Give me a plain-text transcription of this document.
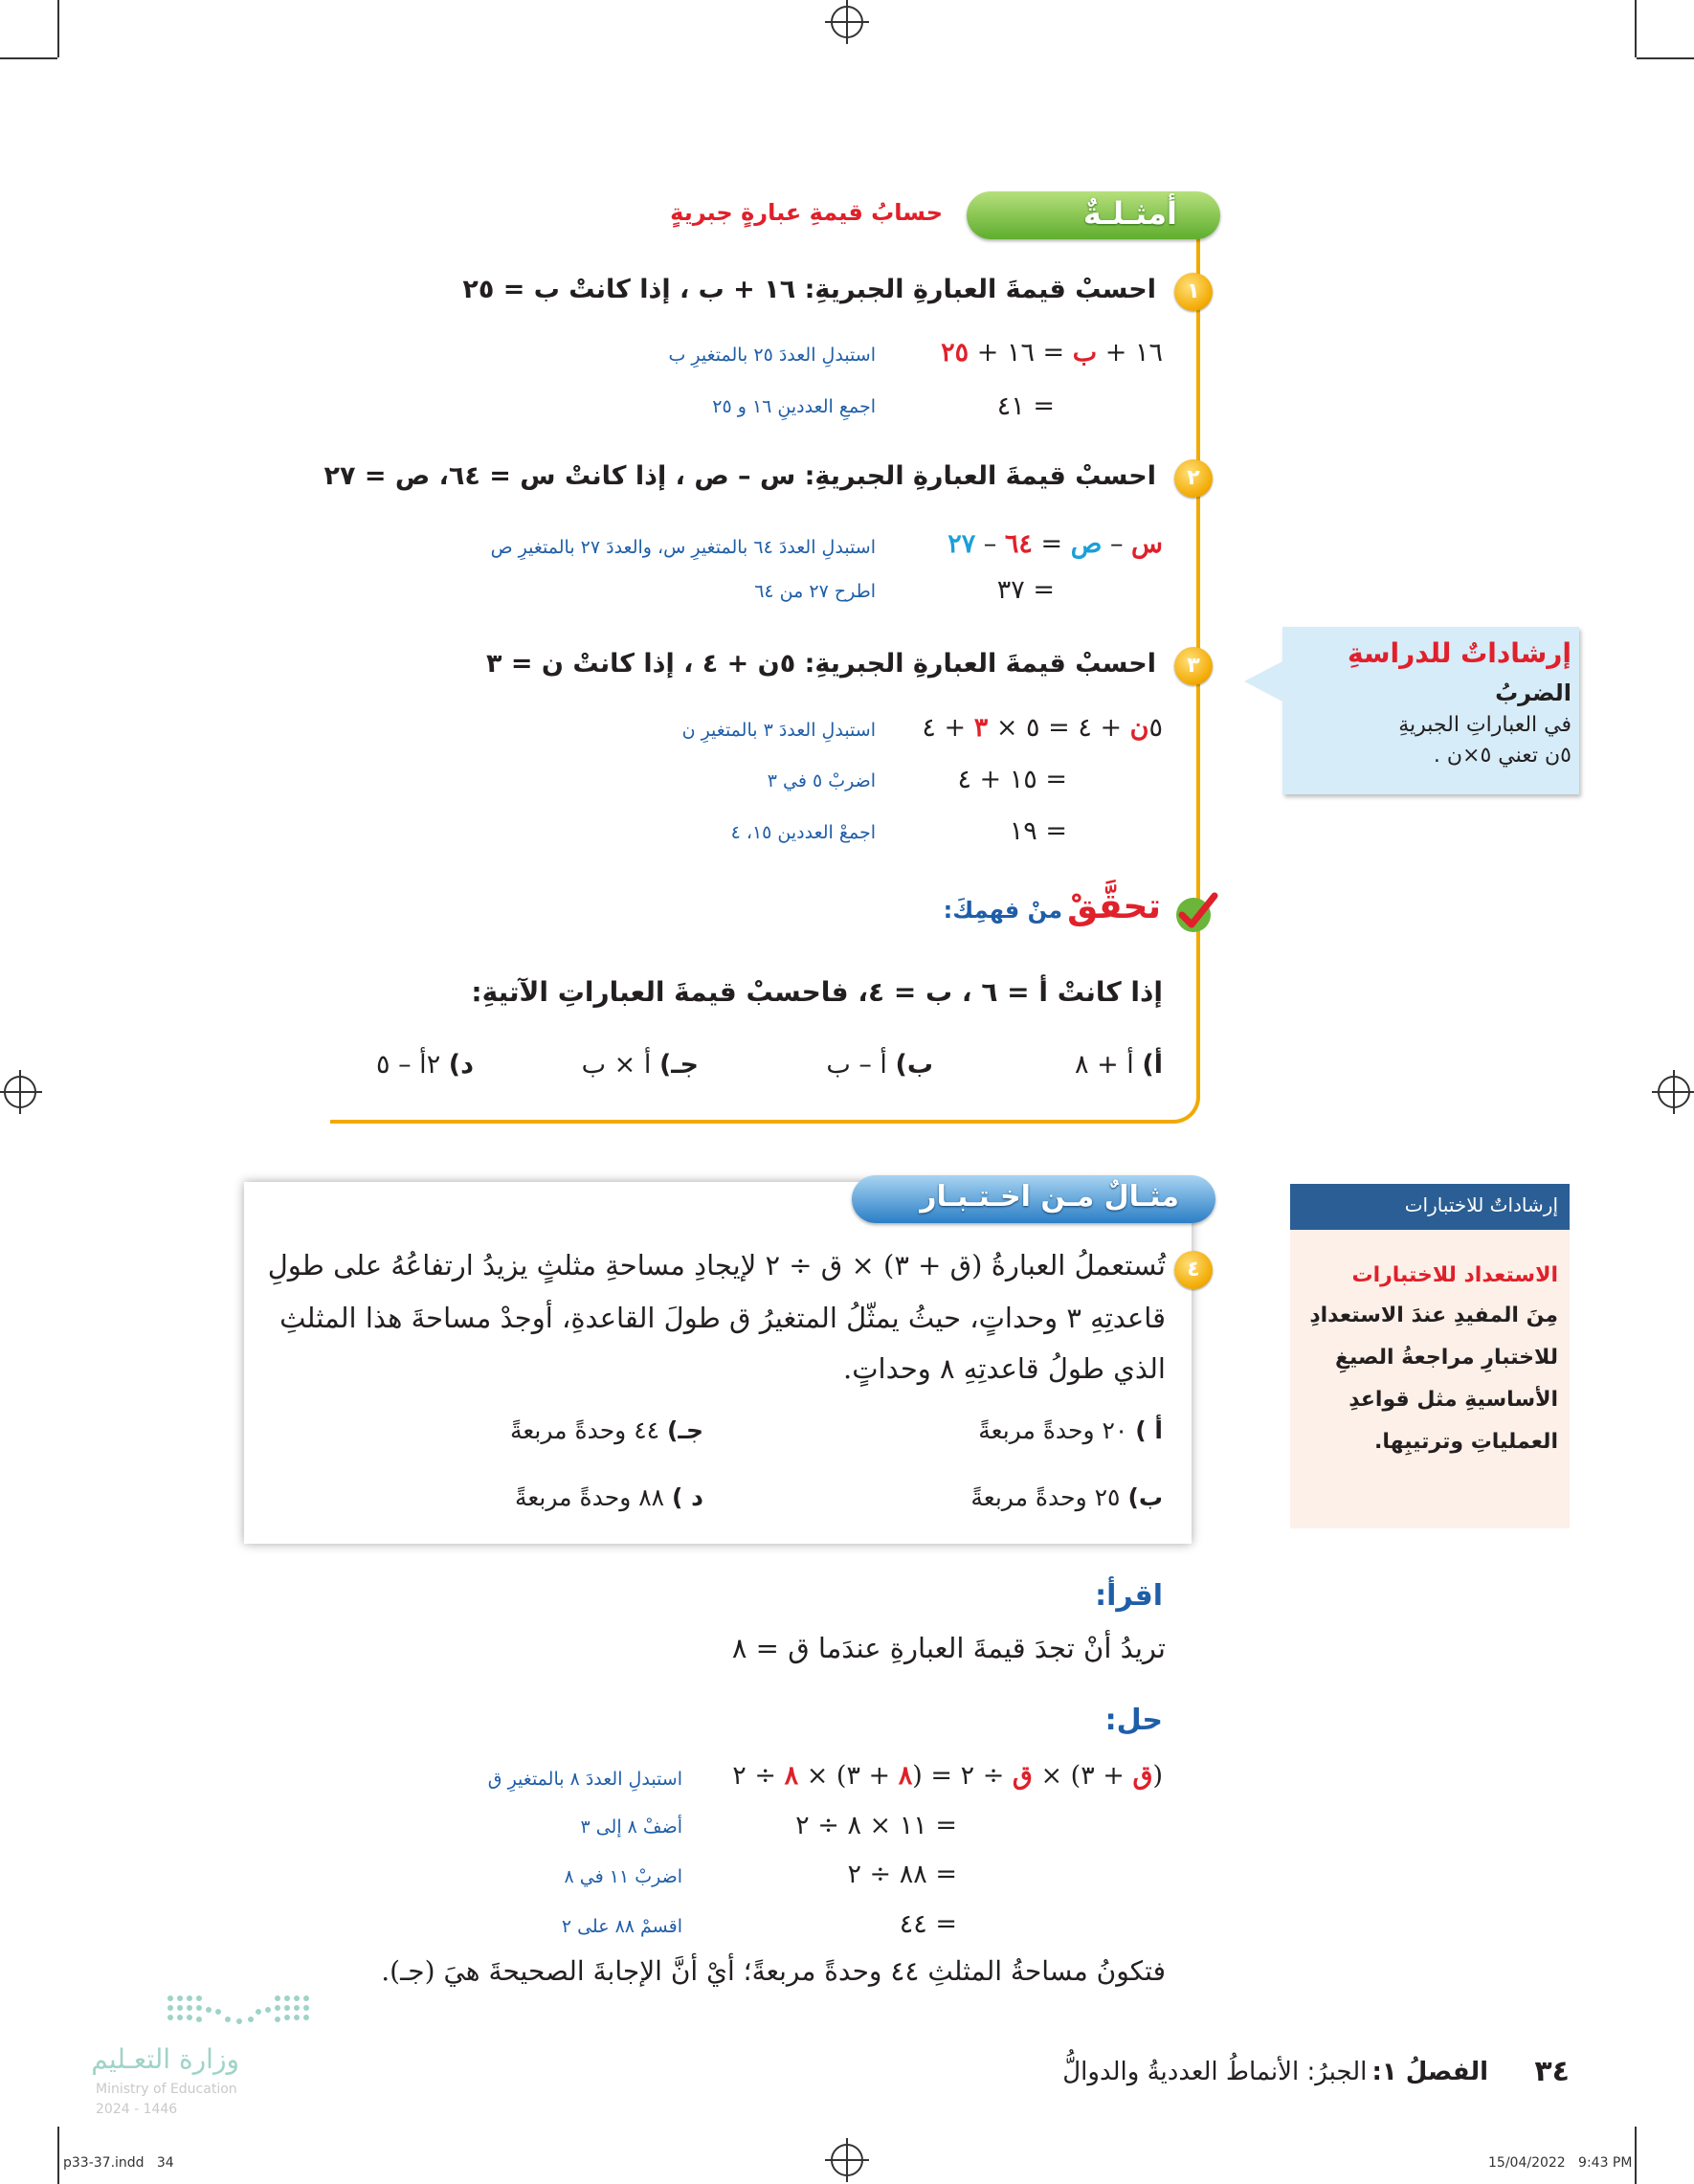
أمثـلـةٌ
حسابُ قيمةِ عبارةٍ جبريةٍ
١
احسبْ قيمةَ العبارةِ الجبريةِ: ١٦ + ب ، إذا كانتْ ب = ٢٥
١٦ + ب = ١٦ + ٢٥
استبدلِ العددَ ٢٥ بالمتغيرِ ب
= ٤١
اجمعِ العددينِ ١٦ و ٢٥
٢
احسبْ قيمةَ العبارةِ الجبريةِ: س – ص ، إذا كانتْ س = ٦٤، ص = ٢٧
س – ص = ٦٤ – ٢٧
استبدلِ العددَ ٦٤ بالمتغيرِ س، والعددَ ٢٧ بالمتغيرِ ص
= ٣٧
اطرح ٢٧ من ٦٤
٣
احسبْ قيمةَ العبارةِ الجبريةِ: ٥ن + ٤ ، إذا كانتْ ن = ٣
٥ن + ٤ = ٥ × ٣ + ٤
استبدلِ العددَ ٣ بالمتغيرِ ن
= ١٥ + ٤
اضربْ ٥ في ٣
= ١٩
اجمعْ العددين ١٥، ٤
تحقَّقْ منْ فهمِكَ:
إذا كانتْ أ = ٦ ، ب = ٤، فاحسبْ قيمةَ العباراتِ الآتيةِ:
أ) أ + ٨
ب) أ – ب
جـ) أ × ب
د) ٢أ – ٥
إرشاداتٌ للدراسةِ
الضربُ
في العباراتِ الجبريةِ
٥ن تعني ٥×ن .
مثـالٌ مـن اخـتـبـار
٤
تُستعملُ العبارةُ (ق + ٣) × ق ÷ ٢ لإيجادِ مساحةِ مثلثٍ يزيدُ ارتفاعُهُ على طولِ
قاعدتِهِ ٣ وحداتٍ، حيثُ يمثّلُ المتغيرُ ق طولَ القاعدةِ، أوجدْ مساحةَ هذا المثلثِ
الذي طولُ قاعدتِهِ ٨ وحداتٍ.
أ ) ٢٠ وحدةً مربعةً
جـ) ٤٤ وحدةً مربعةً
ب) ٢٥ وحدةً مربعةً
د ) ٨٨ وحدةً مربعةً
إرشاداتٌ للاختبارات
الاستعداد للاختبارات
مِنَ المفيدِ عندَ الاستعدادِ
للاختبارِ مراجعةُ الصيغِ
الأساسيةِ مثل قواعدِ
العملياتِ وترتيبِها.
اقرأ:
تريدُ أنْ تجدَ قيمةَ العبارةِ عندَما ق = ٨
حل:
(ق + ٣) × ق ÷ ٢ = (٨ + ٣) × ٨ ÷ ٢
استبدلِ العددَ ٨ بالمتغيرِ ق
= ١١ × ٨ ÷ ٢
أضفْ ٨ إلى ٣
= ٨٨ ÷ ٢
اضربْ ١١ في ٨
= ٤٤
اقسمْ ٨٨ على ٢
فتكونُ مساحةُ المثلثِ ٤٤ وحدةً مربعةً؛ أيْ أنَّ الإجابةَ الصحيحةَ هيَ (جـ).
وزارة التعـليم
Ministry of Education
2024 - 1446
٣٤
الفصلُ ١: الجبرُ: الأنماطُ العدديةُ والدوالُّ
p33-37.indd   34	15/04/2022   9:43 PM
